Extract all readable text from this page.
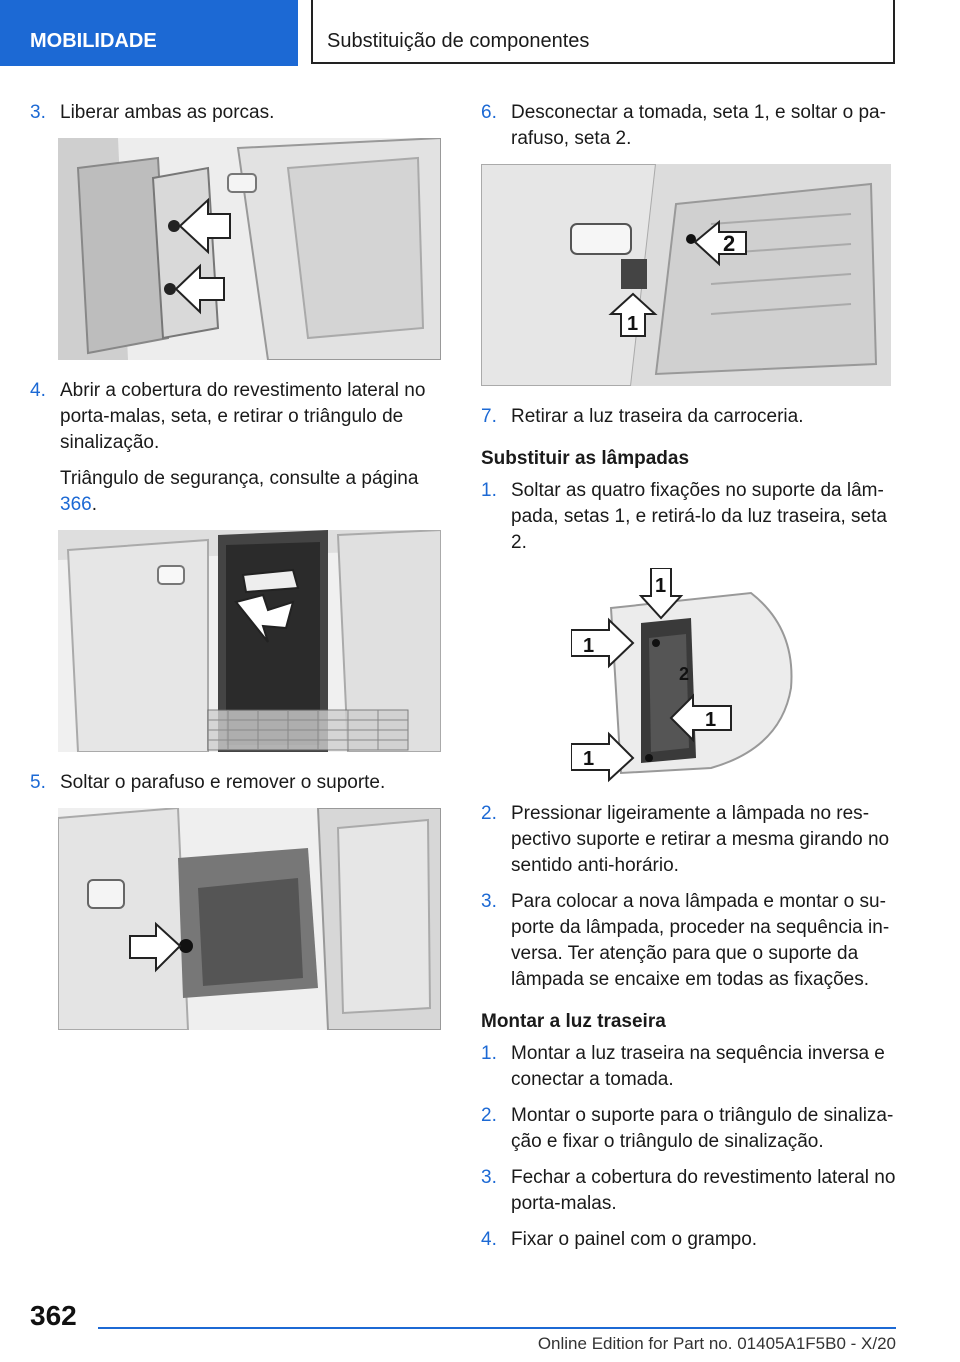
MOBILIDADE	Substituição de componentes
3. Liberar ambas as porcas.
4. Abrir a cobertura do revestimento lateral no porta-malas, seta, e retirar o triângulo de sinalização.
Triângulo de segurança, consulte a página 366.
5. Soltar o parafuso e remover o suporte.
6. Desconectar a tomada, seta 1, e soltar o parafuso, seta 2.
2
1
7. Retirar a luz traseira da carroceria.
Substituir as lâmpadas
1. Soltar as quatro fixações no suporte da lâmpada, setas 1, e retirá-lo da luz traseira, seta 2.
1
1
1
1
2
2. Pressionar ligeiramente a lâmpada no respectivo suporte e retirar a mesma girando no sentido anti-horário.
3. Para colocar a nova lâmpada e montar o suporte da lâmpada, proceder na sequência inversa. Ter atenção para que o suporte da lâmpada se encaixe em todas as fixações.
Montar a luz traseira
1. Montar a luz traseira na sequência inversa e conectar a tomada.
2. Montar o suporte para o triângulo de sinalização e fixar o triângulo de sinalização.
3. Fechar a cobertura do revestimento lateral no porta-malas.
4. Fixar o painel com o grampo.
362
Online Edition for Part no. 01405A1F5B0 - X/20
